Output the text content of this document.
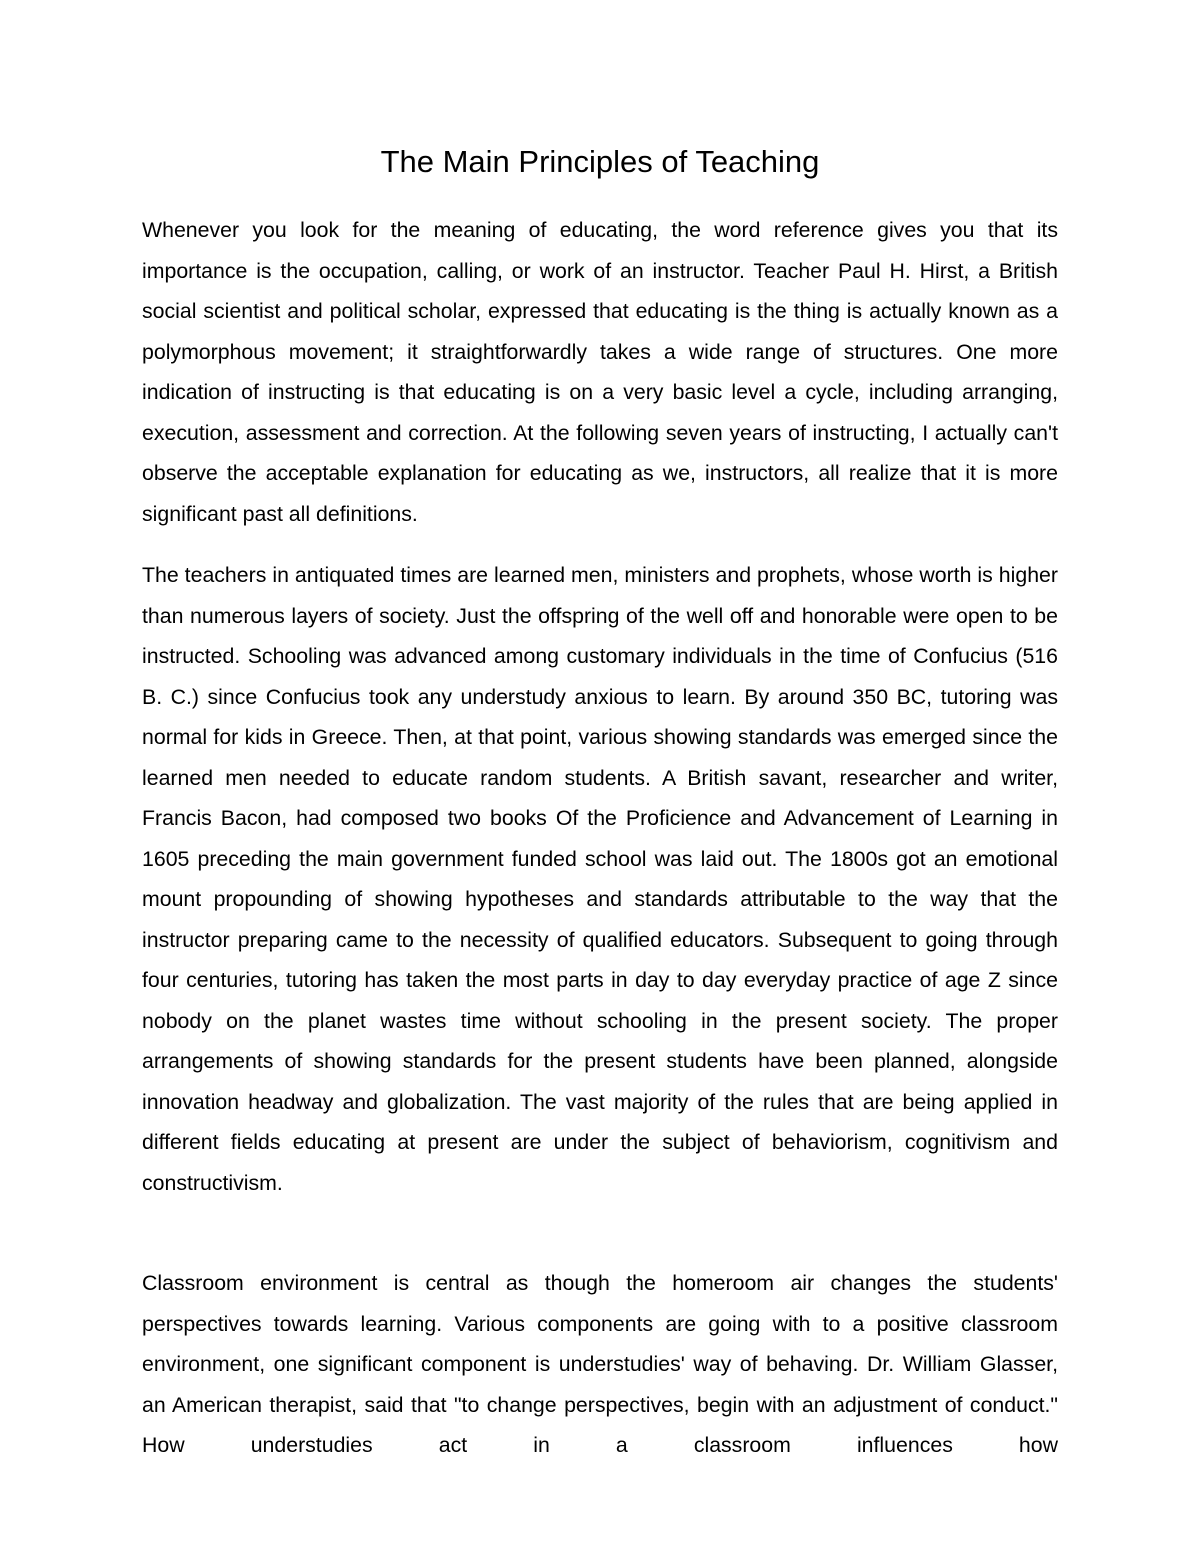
The Main Principles of Teaching

Whenever you look for the meaning of educating, the word reference gives you that its importance is the occupation, calling, or work of an instructor. Teacher Paul H. Hirst, a British social scientist and political scholar, expressed that educating is the thing is actually known as a polymorphous movement; it straightforwardly takes a wide range of structures. One more indication of instructing is that educating is on a very basic level a cycle, including arranging, execution, assessment and correction. At the following seven years of instructing, I actually can't observe the acceptable explanation for educating as we, instructors, all realize that it is more significant past all definitions.

The teachers in antiquated times are learned men, ministers and prophets, whose worth is higher than numerous layers of society. Just the offspring of the well off and honorable were open to be instructed. Schooling was advanced among customary individuals in the time of Confucius (516 B. C.) since Confucius took any understudy anxious to learn. By around 350 BC, tutoring was normal for kids in Greece. Then, at that point, various showing standards was emerged since the learned men needed to educate random students. A British savant, researcher and writer, Francis Bacon, had composed two books Of the Proficience and Advancement of Learning in 1605 preceding the main government funded school was laid out. The 1800s got an emotional mount propounding of showing hypotheses and standards attributable to the way that the instructor preparing came to the necessity of qualified educators. Subsequent to going through four centuries, tutoring has taken the most parts in day to day everyday practice of age Z since nobody on the planet wastes time without schooling in the present society. The proper arrangements of showing standards for the present students have been planned, alongside innovation headway and globalization. The vast majority of the rules that are being applied in different fields educating at present are under the subject of behaviorism, cognitivism and constructivism.

Classroom environment is central as though the homeroom air changes the students' perspectives towards learning. Various components are going with to a positive classroom environment, one significant component is understudies' way of behaving. Dr. William Glasser, an American therapist, said that "to change perspectives, begin with an adjustment of conduct." How understudies act in a classroom influences how
